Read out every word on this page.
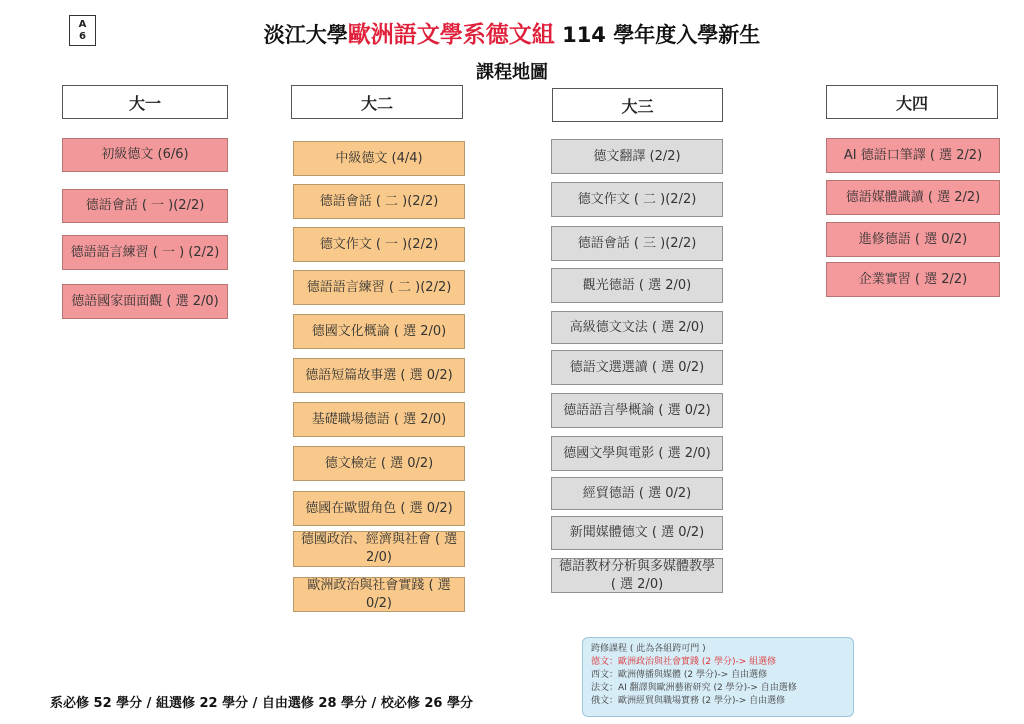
A
6	淡江大學歐洲語文學系德文組 114 學年度入學新生
課程地圖
大一
初級德文 (6/6)
德語會話 ( 一 )(2/2)
德語語言練習 ( 一 ) (2/2)
德語國家面面觀 ( 選 2/0)
大二
中級德文 (4/4)
德語會話 ( 二 )(2/2)
德文作文 ( 一 )(2/2)
德語語言練習 ( 二 )(2/2)
德國文化概論 ( 選 2/0)
德語短篇故事選 ( 選 0/2)
基礎職場德語 ( 選 2/0)
德文檢定 ( 選 0/2)
德國在歐盟角色 ( 選 0/2)
德國政治、經濟與社會 ( 選 2/0)
歐洲政治與社會實踐 ( 選 0/2)
大三
德文翻譯 (2/2)
德文作文 ( 二 )(2/2)
德語會話 ( 三 )(2/2)
觀光德語 ( 選 2/0)
高級德文文法 ( 選 2/0)
德語文選選讀 ( 選 0/2)
德語語言學概論 ( 選 0/2)
德國文學與電影 ( 選 2/0)
經貿德語 ( 選 0/2)
新聞媒體德文 ( 選 0/2)
德語教材分析與多媒體教學 ( 選 2/0)
大四
AI 德語口筆譯 ( 選 2/2)
德語媒體識讀 ( 選 2/2)
進修德語 ( 選 0/2)
企業實習 ( 選 2/2)
系必修 52 學分 / 組選修 22 學分 / 自由選修 28 學分 / 校必修 26 學分
跨修課程 ( 此為各組跨可門 )
德文：歐洲政治與社會實踐 (2 學分)-> 組選修
西文：歐洲傳播與媒體 (2 學分)-> 自由選修
法文：AI 翻譯與歐洲藝術研究 (2 學分)-> 自由選修
俄文：歐洲經貿與職場實務 (2 學分)-> 自由選修
